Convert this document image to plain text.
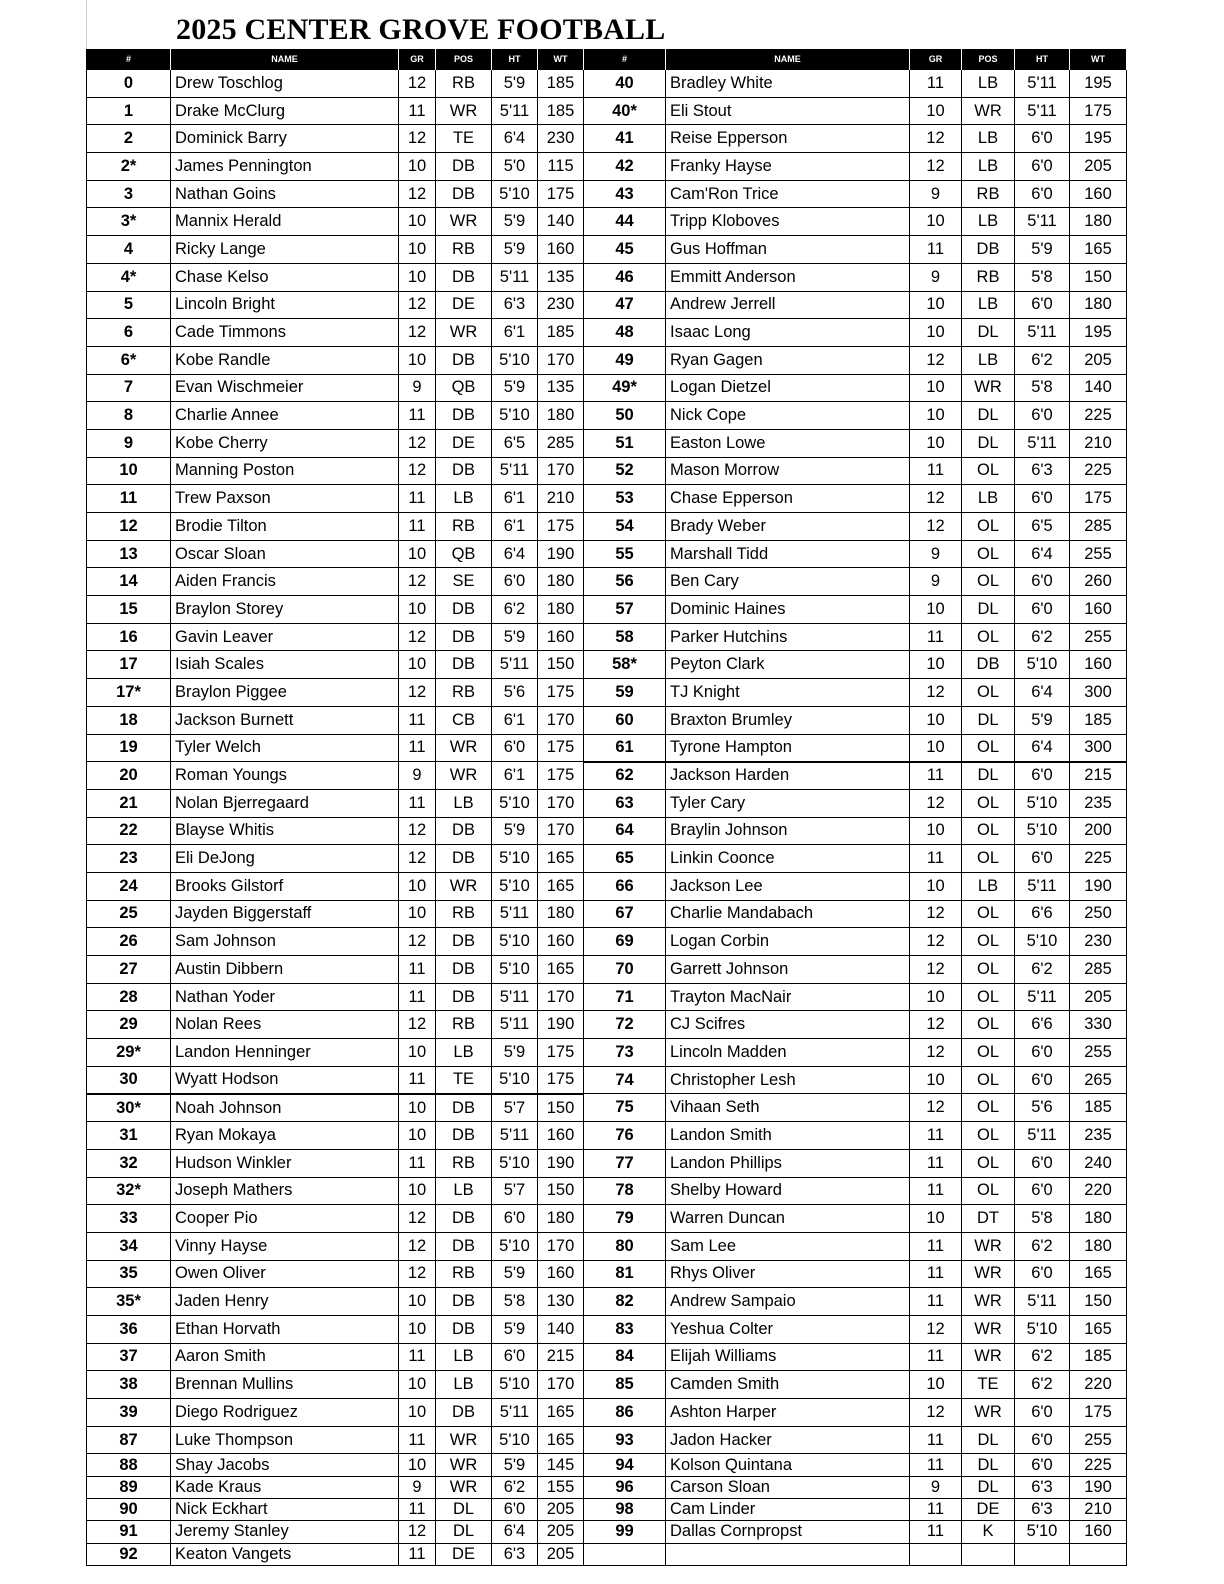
2025 CENTER GROVE FOOTBALL
#	NAME	GR	POS	HT	WT	#	NAME	GR	POS	HT	WT
0	Drew Toschlog	12	RB	5'9	185	40	Bradley White	11	LB	5'11	195
1	Drake McClurg	11	WR	5'11	185	40*	Eli Stout	10	WR	5'11	175
2	Dominick Barry	12	TE	6'4	230	41	Reise Epperson	12	LB	6'0	195
2*	James Pennington	10	DB	5'0	115	42	Franky Hayse	12	LB	6'0	205
3	Nathan Goins	12	DB	5'10	175	43	Cam'Ron Trice	9	RB	6'0	160
3*	Mannix Herald	10	WR	5'9	140	44	Tripp Kloboves	10	LB	5'11	180
4	Ricky Lange	10	RB	5'9	160	45	Gus Hoffman	11	DB	5'9	165
4*	Chase Kelso	10	DB	5'11	135	46	Emmitt Anderson	9	RB	5'8	150
5	Lincoln Bright	12	DE	6'3	230	47	Andrew Jerrell	10	LB	6'0	180
6	Cade Timmons	12	WR	6'1	185	48	Isaac Long	10	DL	5'11	195
6*	Kobe Randle	10	DB	5'10	170	49	Ryan Gagen	12	LB	6'2	205
7	Evan Wischmeier	9	QB	5'9	135	49*	Logan Dietzel	10	WR	5'8	140
8	Charlie Annee	11	DB	5'10	180	50	Nick Cope	10	DL	6'0	225
9	Kobe Cherry	12	DE	6'5	285	51	Easton Lowe	10	DL	5'11	210
10	Manning Poston	12	DB	5'11	170	52	Mason Morrow	11	OL	6'3	225
11	Trew Paxson	11	LB	6'1	210	53	Chase Epperson	12	LB	6'0	175
12	Brodie Tilton	11	RB	6'1	175	54	Brady Weber	12	OL	6'5	285
13	Oscar Sloan	10	QB	6'4	190	55	Marshall Tidd	9	OL	6'4	255
14	Aiden Francis	12	SE	6'0	180	56	Ben Cary	9	OL	6'0	260
15	Braylon Storey	10	DB	6'2	180	57	Dominic Haines	10	DL	6'0	160
16	Gavin Leaver	12	DB	5'9	160	58	Parker Hutchins	11	OL	6'2	255
17	Isiah Scales	10	DB	5'11	150	58*	Peyton Clark	10	DB	5'10	160
17*	Braylon Piggee	12	RB	5'6	175	59	TJ Knight	12	OL	6'4	300
18	Jackson Burnett	11	CB	6'1	170	60	Braxton Brumley	10	DL	5'9	185
19	Tyler Welch	11	WR	6'0	175	61	Tyrone Hampton	10	OL	6'4	300
20	Roman Youngs	9	WR	6'1	175	62	Jackson Harden	11	DL	6'0	215
21	Nolan Bjerregaard	11	LB	5'10	170	63	Tyler Cary	12	OL	5'10	235
22	Blayse Whitis	12	DB	5'9	170	64	Braylin Johnson	10	OL	5'10	200
23	Eli DeJong	12	DB	5'10	165	65	Linkin Coonce	11	OL	6'0	225
24	Brooks Gilstorf	10	WR	5'10	165	66	Jackson Lee	10	LB	5'11	190
25	Jayden Biggerstaff	10	RB	5'11	180	67	Charlie Mandabach	12	OL	6'6	250
26	Sam Johnson	12	DB	5'10	160	69	Logan Corbin	12	OL	5'10	230
27	Austin Dibbern	11	DB	5'10	165	70	Garrett Johnson	12	OL	6'2	285
28	Nathan Yoder	11	DB	5'11	170	71	Trayton MacNair	10	OL	5'11	205
29	Nolan Rees	12	RB	5'11	190	72	CJ Scifres	12	OL	6'6	330
29*	Landon Henninger	10	LB	5'9	175	73	Lincoln Madden	12	OL	6'0	255
30	Wyatt Hodson	11	TE	5'10	175	74	Christopher Lesh	10	OL	6'0	265
30*	Noah Johnson	10	DB	5'7	150	75	Vihaan Seth	12	OL	5'6	185
31	Ryan Mokaya	10	DB	5'11	160	76	Landon Smith	11	OL	5'11	235
32	Hudson Winkler	11	RB	5'10	190	77	Landon Phillips	11	OL	6'0	240
32*	Joseph Mathers	10	LB	5'7	150	78	Shelby Howard	11	OL	6'0	220
33	Cooper Pio	12	DB	6'0	180	79	Warren Duncan	10	DT	5'8	180
34	Vinny Hayse	12	DB	5'10	170	80	Sam Lee	11	WR	6'2	180
35	Owen Oliver	12	RB	5'9	160	81	Rhys Oliver	11	WR	6'0	165
35*	Jaden Henry	10	DB	5'8	130	82	Andrew Sampaio	11	WR	5'11	150
36	Ethan Horvath	10	DB	5'9	140	83	Yeshua Colter	12	WR	5'10	165
37	Aaron Smith	11	LB	6'0	215	84	Elijah Williams	11	WR	6'2	185
38	Brennan Mullins	10	LB	5'10	170	85	Camden Smith	10	TE	6'2	220
39	Diego Rodriguez	10	DB	5'11	165	86	Ashton Harper	12	WR	6'0	175
87	Luke Thompson	11	WR	5'10	165	93	Jadon Hacker	11	DL	6'0	255
88	Shay Jacobs	10	WR	5'9	145	94	Kolson Quintana	11	DL	6'0	225
89	Kade Kraus	9	WR	6'2	155	96	Carson Sloan	9	DL	6'3	190
90	Nick Eckhart	11	DL	6'0	205	98	Cam Linder	11	DE	6'3	210
91	Jeremy Stanley	12	DL	6'4	205	99	Dallas Cornpropst	11	K	5'10	160
92	Keaton Vangets	11	DE	6'3	205						
